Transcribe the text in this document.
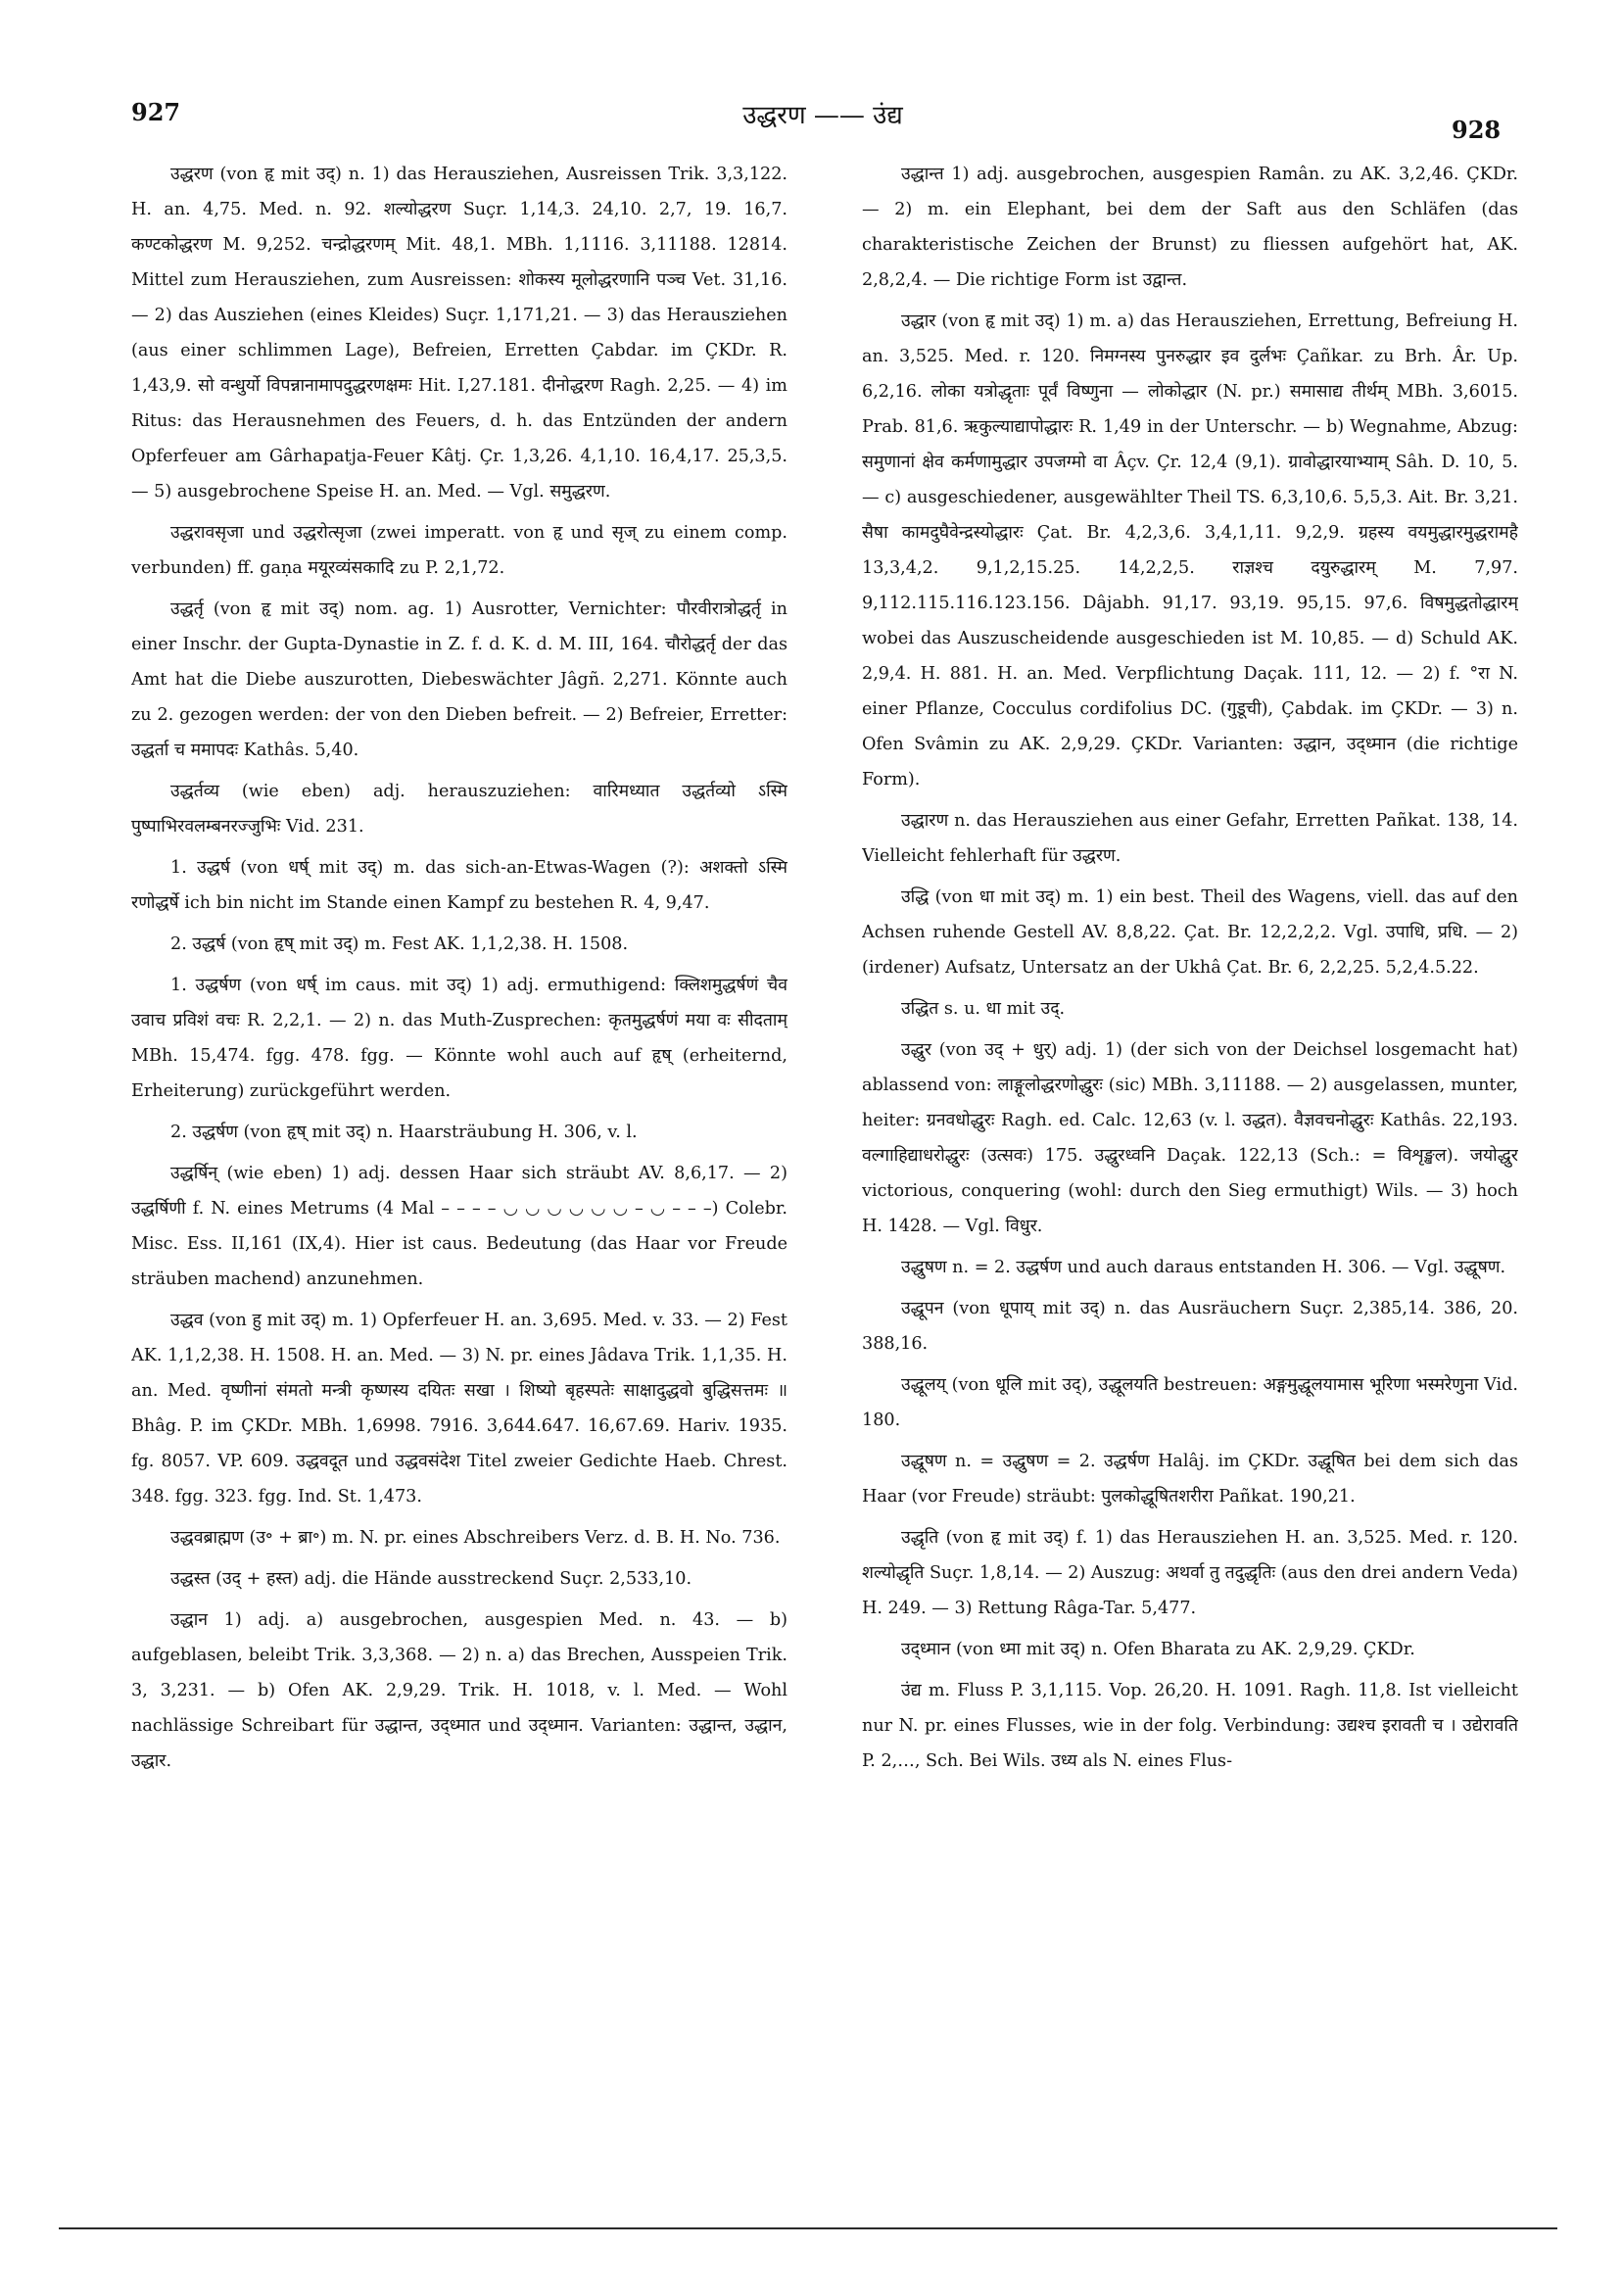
927	उद्धरण —— उंद्य	928

उद्धरण (von हृ mit उद्) n. 1) das Herausziehen, Ausreissen Trik. 3,3,122. H. an. 4,75. Med. n. 92. शल्योद्धरण Suçr. 1,14,3. 24,10. 2,7, 19. 16,7. कण्टकोद्धरण M. 9,252. चन्द्रोद्धरणम् Mit. 48,1. MBh. 1,1116. 3,11188. 12814. Mittel zum Herausziehen, zum Ausreissen: शोकस्य मूलोद्धरणानि पञ्च Vet. 31,16. — 2) das Ausziehen (eines Kleides) Suçr. 1,171,21. — 3) das Herausziehen (aus einer schlimmen Lage), Befreien, Erretten Çabdar. im ÇKDr. R. 1,43,9. सो वन्धुर्यो विपन्नानामापदुद्धरणक्षमः Hit. I,27.181. दीनोद्धरण Ragh. 2,25. — 4) im Ritus: das Herausnehmen des Feuers, d. h. das Entzünden der andern Opferfeuer am Gârhapatja-Feuer Kâtj. Çr. 1,3,26. 4,1,10. 16,4,17. 25,3,5. — 5) ausgebrochene Speise H. an. Med. — Vgl. समुद्धरण.

उद्धरावसृजा und उद्धरोत्सृजा (zwei imperatt. von हृ und सृज् zu einem comp. verbunden) ff. gaṇa मयूरव्यंसकादि zu P. 2,1,72.

उद्धर्तृ (von हृ mit उद्) nom. ag. 1) Ausrotter, Vernichter: पौरवीरात्रोद्धर्तृ in einer Inschr. der Gupta-Dynastie in Z. f. d. K. d. M. III, 164. चौरोद्धर्तृ der das Amt hat die Diebe auszurotten, Diebeswächter Jâgñ. 2,271. Könnte auch zu 2. gezogen werden: der von den Dieben befreit. — 2) Befreier, Erretter: उद्धर्ता च ममापदः Kathâs. 5,40.

उद्धर्तव्य (wie eben) adj. herauszuziehen: वारिमध्यात उद्धर्तव्यो ऽस्मि पुष्पाभिरवलम्बनरज्जुभिः Vid. 231.

1. उद्धर्ष (von धर्ष् mit उद्) m. das sich-an-Etwas-Wagen (?): अशक्तो ऽस्मि रणोद्धर्षे ich bin nicht im Stande einen Kampf zu bestehen R. 4, 9,47.

2. उद्धर्ष (von हृष् mit उद्) m. Fest AK. 1,1,2,38. H. 1508.

1. उद्धर्षण (von धर्ष् im caus. mit उद्) 1) adj. ermuthigend: क्लिशमुद्धर्षणं चैव उवाच प्रविशं वचः R. 2,2,1. — 2) n. das Muth-Zusprechen: कृतमुद्धर्षणं मया वः सीदताम् MBh. 15,474. fgg. 478. fgg. — Könnte wohl auch auf हृष् (erheiternd, Erheiterung) zurückgeführt werden.

2. उद्धर्षण (von हृष् mit उद्) n. Haarsträubung H. 306, v. l.

उद्धर्षिन् (wie eben) 1) adj. dessen Haar sich sträubt AV. 8,6,17. — 2) उद्धर्षिणी f. N. eines Metrums (4 Mal – – – – ◡ ◡ ◡ ◡ ◡ ◡ – ◡ – – –) Colebr. Misc. Ess. II,161 (IX,4). Hier ist caus. Bedeutung (das Haar vor Freude sträuben machend) anzunehmen.

उद्धव (von हु mit उद्) m. 1) Opferfeuer H. an. 3,695. Med. v. 33. — 2) Fest AK. 1,1,2,38. H. 1508. H. an. Med. — 3) N. pr. eines Jâdava Trik. 1,1,35. H. an. Med. वृष्णीनां संमतो मन्त्री कृष्णस्य दयितः सखा । शिष्यो बृहस्पतेः साक्षादुद्धवो बुद्धिसत्तमः ॥ Bhâg. P. im ÇKDr. MBh. 1,6998. 7916. 3,644.647. 16,67.69. Hariv. 1935. fg. 8057. VP. 609. उद्धवदूत und उद्धवसंदेश Titel zweier Gedichte Haeb. Chrest. 348. fgg. 323. fgg. Ind. St. 1,473.

उद्धवब्राह्मण (उ॰ + ब्रा॰) m. N. pr. eines Abschreibers Verz. d. B. H. No. 736.

उद्धस्त (उद् + हस्त) adj. die Hände ausstreckend Suçr. 2,533,10.

उद्धान 1) adj. a) ausgebrochen, ausgespien Med. n. 43. — b) aufgeblasen, beleibt Trik. 3,3,368. — 2) n. a) das Brechen, Ausspeien Trik. 3, 3,231. — b) Ofen AK. 2,9,29. Trik. H. 1018, v. l. Med. — Wohl nachlässige Schreibart für उद्धान्त, उद्ध्मात und उद्ध्मान. Varianten: उद्धान्त, उद्धान, उद्धार.

उद्धान्त 1) adj. ausgebrochen, ausgespien Ramân. zu AK. 3,2,46. ÇKDr. — 2) m. ein Elephant, bei dem der Saft aus den Schläfen (das charakteristische Zeichen der Brunst) zu fliessen aufgehört hat, AK. 2,8,2,4. — Die richtige Form ist उद्वान्त.

उद्धार (von हृ mit उद्) 1) m. a) das Herausziehen, Errettung, Befreiung H. an. 3,525. Med. r. 120. निमग्नस्य पुनरुद्धार इव दुर्लभः Çañkar. zu Brh. Âr. Up. 6,2,16. लोका यत्रोद्धृताः पूर्वं विष्णुना — लोकोद्धार (N. pr.) समासाद्य तीर्थम् MBh. 3,6015. Prab. 81,6. ऋकुल्याद्यापोद्धारः R. 1,49 in der Unterschr. — b) Wegnahme, Abzug: समुणानां क्षेव कर्मणामुद्धार उपजग्मो वा Âçv. Çr. 12,4 (9,1). ग्रावोद्धारयाभ्याम् Sâh. D. 10, 5. — c) ausgeschiedener, ausgewählter Theil TS. 6,3,10,6. 5,5,3. Ait. Br. 3,21. सैषा कामदुघैवेन्द्रस्योद्धारः Çat. Br. 4,2,3,6. 3,4,1,11. 9,2,9. ग्रहस्य वयमुद्धारमुद्धरामहै 13,3,4,2. 9,1,2,15.25. 14,2,2,5. राज्ञश्च दयुरुद्धारम् M. 7,97. 9,112.115.116.123.156. Dâjabh. 91,17. 93,19. 95,15. 97,6. विषमुद्धतोद्धारम् wobei das Auszuscheidende ausgeschieden ist M. 10,85. — d) Schuld AK. 2,9,4. H. 881. H. an. Med. Verpflichtung Daçak. 111, 12. — 2) f. °रा N. einer Pflanze, Cocculus cordifolius DC. (गुडूची), Çabdak. im ÇKDr. — 3) n. Ofen Svâmin zu AK. 2,9,29. ÇKDr. Varianten: उद्धान, उद्ध्मान (die richtige Form).

उद्धारण n. das Herausziehen aus einer Gefahr, Erretten Pañkat. 138, 14. Vielleicht fehlerhaft für उद्धरण.

उद्धि (von धा mit उद्) m. 1) ein best. Theil des Wagens, viell. das auf den Achsen ruhende Gestell AV. 8,8,22. Çat. Br. 12,2,2,2. Vgl. उपाधि, प्रधि. — 2) (irdener) Aufsatz, Untersatz an der Ukhâ Çat. Br. 6, 2,2,25. 5,2,4.5.22.

उद्धित s. u. धा mit उद्.

उद्धुर (von उद् + धुर्) adj. 1) (der sich von der Deichsel losgemacht hat) ablassend von: लाङ्गूलोद्धरणोद्धुरः (sic) MBh. 3,11188. — 2) ausgelassen, munter, heiter: ग्रनवधोद्धुरः Ragh. ed. Calc. 12,63 (v. l. उद्धत). वैज्ञवचनोद्धुरः Kathâs. 22,193. वल्गाहिद्याधरोद्धुरः (उत्सवः) 175. उद्धुरध्वनि Daçak. 122,13 (Sch.: = विशृङ्खल). जयोद्धुर victorious, conquering (wohl: durch den Sieg ermuthigt) Wils. — 3) hoch H. 1428. — Vgl. विधुर.

उद्धुषण n. = 2. उद्धर्षण und auch daraus entstanden H. 306. — Vgl. उद्धूषण.

उद्धूपन (von धूपाय् mit उद्) n. das Ausräuchern Suçr. 2,385,14. 386, 20. 388,16.

उद्धूलय् (von धूलि mit उद्), उद्धूलयति bestreuen: अङ्गमुद्धूलयामास भूरिणा भस्मरेणुना Vid. 180.

उद्धूषण n. = उद्धुषण = 2. उद्धर्षण Halâj. im ÇKDr. उद्धूषित bei dem sich das Haar (vor Freude) sträubt: पुलकोद्धूषितशरीरा Pañkat. 190,21.

उद्धृति (von हृ mit उद्) f. 1) das Herausziehen H. an. 3,525. Med. r. 120. शल्योद्धृति Suçr. 1,8,14. — 2) Auszug: अथर्वा तु तदुद्धृतिः (aus den drei andern Veda) H. 249. — 3) Rettung Râga-Tar. 5,477.

उद्ध्मान (von ध्मा mit उद्) n. Ofen Bharata zu AK. 2,9,29. ÇKDr.

उंद्य m. Fluss P. 3,1,115. Vop. 26,20. H. 1091. Ragh. 11,8. Ist vielleicht nur N. pr. eines Flusses, wie in der folg. Verbindung: उद्यश्च इरावती च । उद्येरावति P. 2,…, Sch. Bei Wils. उध्य als N. eines Flus-
